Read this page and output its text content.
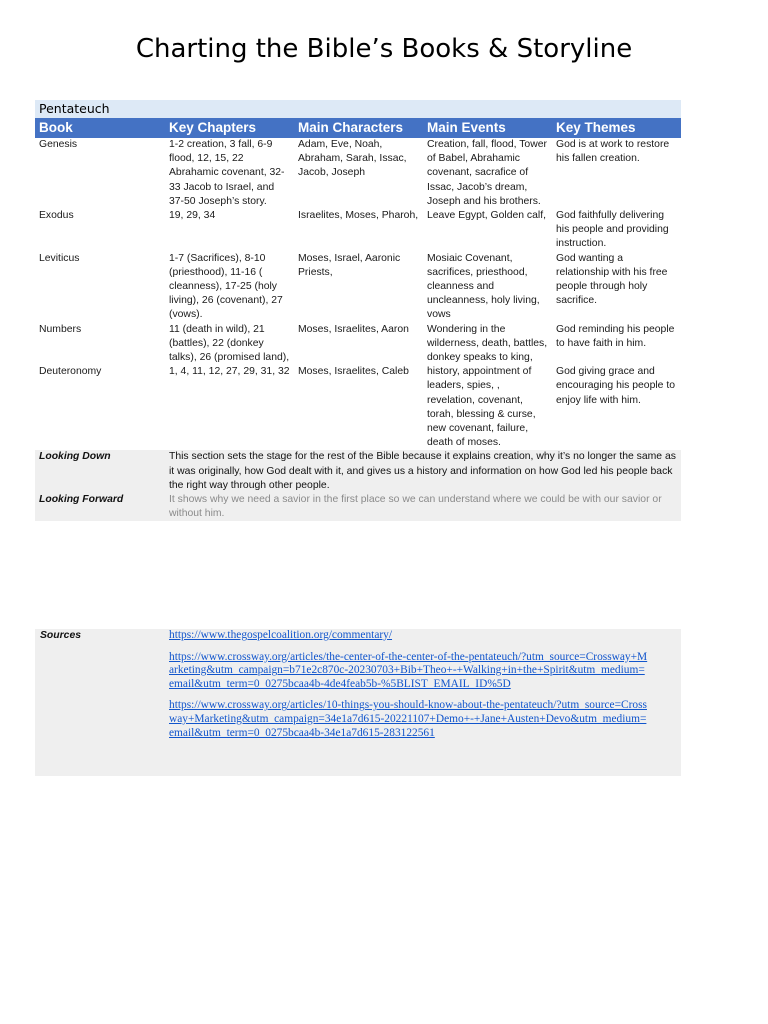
Charting the Bible’s Books & Storyline
Pentateuch				
Book	Key Chapters	Main Characters	Main Events	Key Themes
Genesis	1-2 creation, 3 fall, 6-9 flood, 12, 15, 22 Abrahamic covenant, 32-33 Jacob to Israel, and 37-50 Joseph’s story.	Adam, Eve, Noah, Abraham, Sarah, Issac, Jacob, Joseph	Creation, fall, flood, Tower of Babel, Abrahamic covenant, sacrafice of Issac, Jacob’s dream, Joseph and his brothers.	God is at work to restore his fallen creation.
Exodus	19, 29, 34	Israelites, Moses, Pharoh,	Leave Egypt, Golden calf,	God faithfully delivering his people and providing instruction.
Leviticus	1-7 (Sacrifices), 8-10 (priesthood), 11-16 ( cleanness), 17-25 (holy living), 26 (covenant), 27 (vows).	Moses, Israel, Aaronic Priests,	Mosiaic Covenant, sacrifices, priesthood, cleanness and uncleanness, holy living, vows	God wanting a relationship with his free people through holy sacrifice.
Numbers	11 (death in wild), 21 (battles), 22 (donkey talks), 26 (promised land),	Moses, Israelites, Aaron	Wondering in the wilderness, death, battles, donkey speaks to king,	God reminding his people to have faith in him.
Deuteronomy	1, 4, 11, 12, 27, 29, 31, 32	Moses, Israelites, Caleb	history, appointment of leaders, spies, , revelation, covenant, torah, blessing & curse, new covenant, failure, death of moses.	God giving grace and encouraging his people to enjoy life with him.
Looking Down	This section sets the stage for the rest of the Bible because it explains creation, why it’s no longer the same as it was originally, how God dealt with it, and gives us a history and information on how God led his people back the right way through other people.			
Looking Forward	It shows why we need a savior in the first place so we can understand where we could be with our savior or without him.			
Sources	https://www.thegospelcoalition.org/commentary/
https://www.crossway.org/articles/the-center-of-the-center-of-the-pentateuch/?utm_source=Crossway+Marketing&utm_campaign=b71e2c870c-20230703+Bib+Theo+-+Walking+in+the+Spirit&utm_medium=email&utm_term=0_0275bcaa4b-4de4feab5b-%5BLIST_EMAIL_ID%5D
https://www.crossway.org/articles/10-things-you-should-know-about-the-pentateuch/?utm_source=Crossway+Marketing&utm_campaign=34e1a7d615-20221107+Demo+-+Jane+Austen+Devo&utm_medium=email&utm_term=0_0275bcaa4b-34e1a7d615-283122561
